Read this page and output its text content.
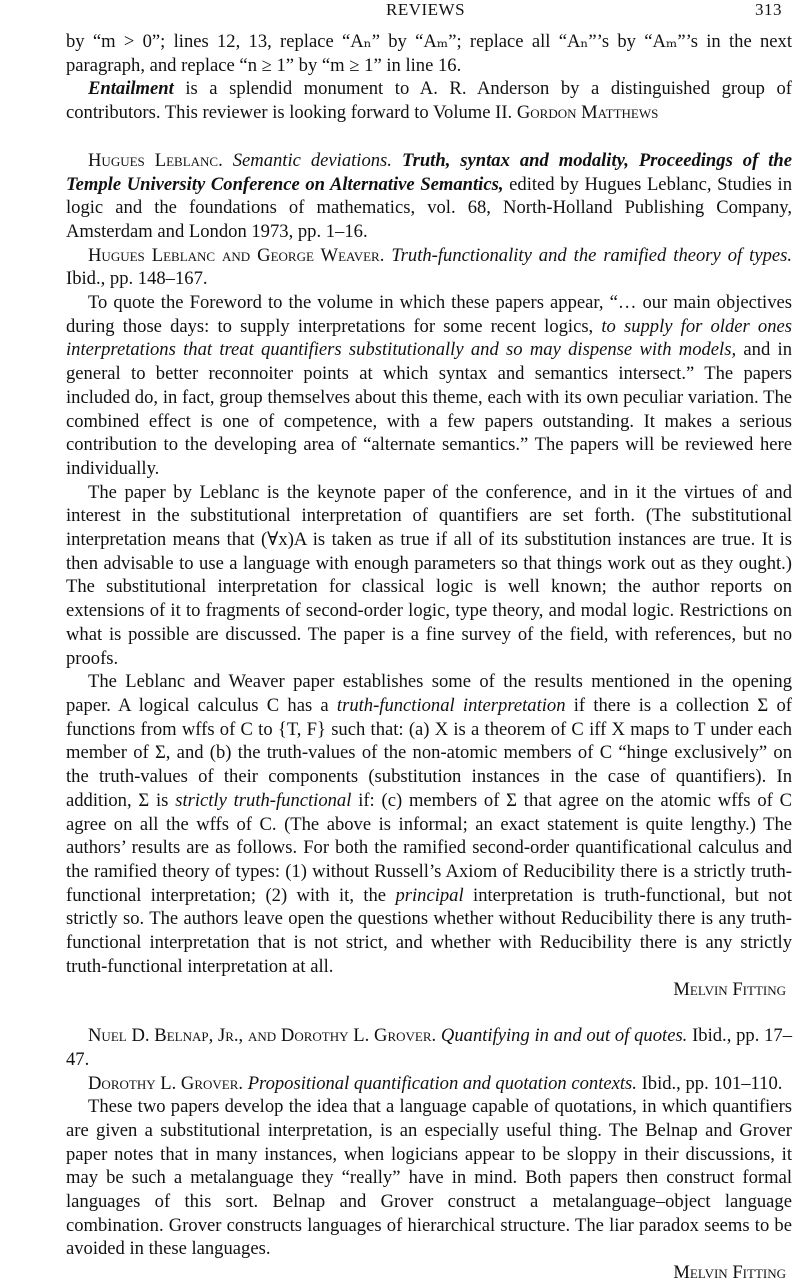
REVIEWS	313

by “m > 0”; lines 12, 13, replace “Aₙ” by “Aₘ”; replace all “Aₙ”’s by “Aₘ”’s in the next paragraph, and replace “n ≥ 1” by “m ≥ 1” in line 16.

Entailment is a splendid monument to A. R. Anderson by a distinguished group of contributors. This reviewer is looking forward to Volume II. Gordon Matthews

Hugues Leblanc. Semantic deviations. Truth, syntax and modality, Proceedings of the Temple University Conference on Alternative Semantics, edited by Hugues Leblanc, Studies in logic and the foundations of mathematics, vol. 68, North-Holland Publishing Company, Amsterdam and London 1973, pp. 1–16.

Hugues Leblanc and George Weaver. Truth-functionality and the ramified theory of types. Ibid., pp. 148–167.

To quote the Foreword to the volume in which these papers appear, “… our main objectives during those days: to supply interpretations for some recent logics, to supply for older ones interpretations that treat quantifiers substitutionally and so may dispense with models, and in general to better reconnoiter points at which syntax and semantics intersect.” The papers included do, in fact, group themselves about this theme, each with its own peculiar variation. The combined effect is one of competence, with a few papers outstanding. It makes a serious contribution to the developing area of “alternate semantics.” The papers will be reviewed here individually.

The paper by Leblanc is the keynote paper of the conference, and in it the virtues of and interest in the substitutional interpretation of quantifiers are set forth. (The substitutional interpretation means that (∀x)A is taken as true if all of its substitution instances are true. It is then advisable to use a language with enough parameters so that things work out as they ought.) The substitutional interpretation for classical logic is well known; the author reports on extensions of it to fragments of second-order logic, type theory, and modal logic. Restrictions on what is possible are discussed. The paper is a fine survey of the field, with references, but no proofs.

The Leblanc and Weaver paper establishes some of the results mentioned in the opening paper. A logical calculus C has a truth-functional interpretation if there is a collection Σ of functions from wffs of C to {T, F} such that: (a) X is a theorem of C iff X maps to T under each member of Σ, and (b) the truth-values of the non-atomic members of C “hinge exclusively” on the truth-values of their components (substitution instances in the case of quantifiers). In addition, Σ is strictly truth-functional if: (c) members of Σ that agree on the atomic wffs of C agree on all the wffs of C. (The above is informal; an exact statement is quite lengthy.) The authors’ results are as follows. For both the ramified second-order quantificational calculus and the ramified theory of types: (1) without Russell’s Axiom of Reducibility there is a strictly truth-functional interpretation; (2) with it, the principal interpretation is truth-functional, but not strictly so. The authors leave open the questions whether without Reducibility there is any truth-functional interpretation that is not strict, and whether with Reducibility there is any strictly truth-functional interpretation at all.

Melvin Fitting

Nuel D. Belnap, Jr., and Dorothy L. Grover. Quantifying in and out of quotes. Ibid., pp. 17–47.

Dorothy L. Grover. Propositional quantification and quotation contexts. Ibid., pp. 101–110.

These two papers develop the idea that a language capable of quotations, in which quantifiers are given a substitutional interpretation, is an especially useful thing. The Belnap and Grover paper notes that in many instances, when logicians appear to be sloppy in their discussions, it may be such a metalanguage they “really” have in mind. Both papers then construct formal languages of this sort. Belnap and Grover construct a metalanguage–object language combination. Grover constructs languages of hierarchical structure. The liar paradox seems to be avoided in these languages.

Melvin Fitting
